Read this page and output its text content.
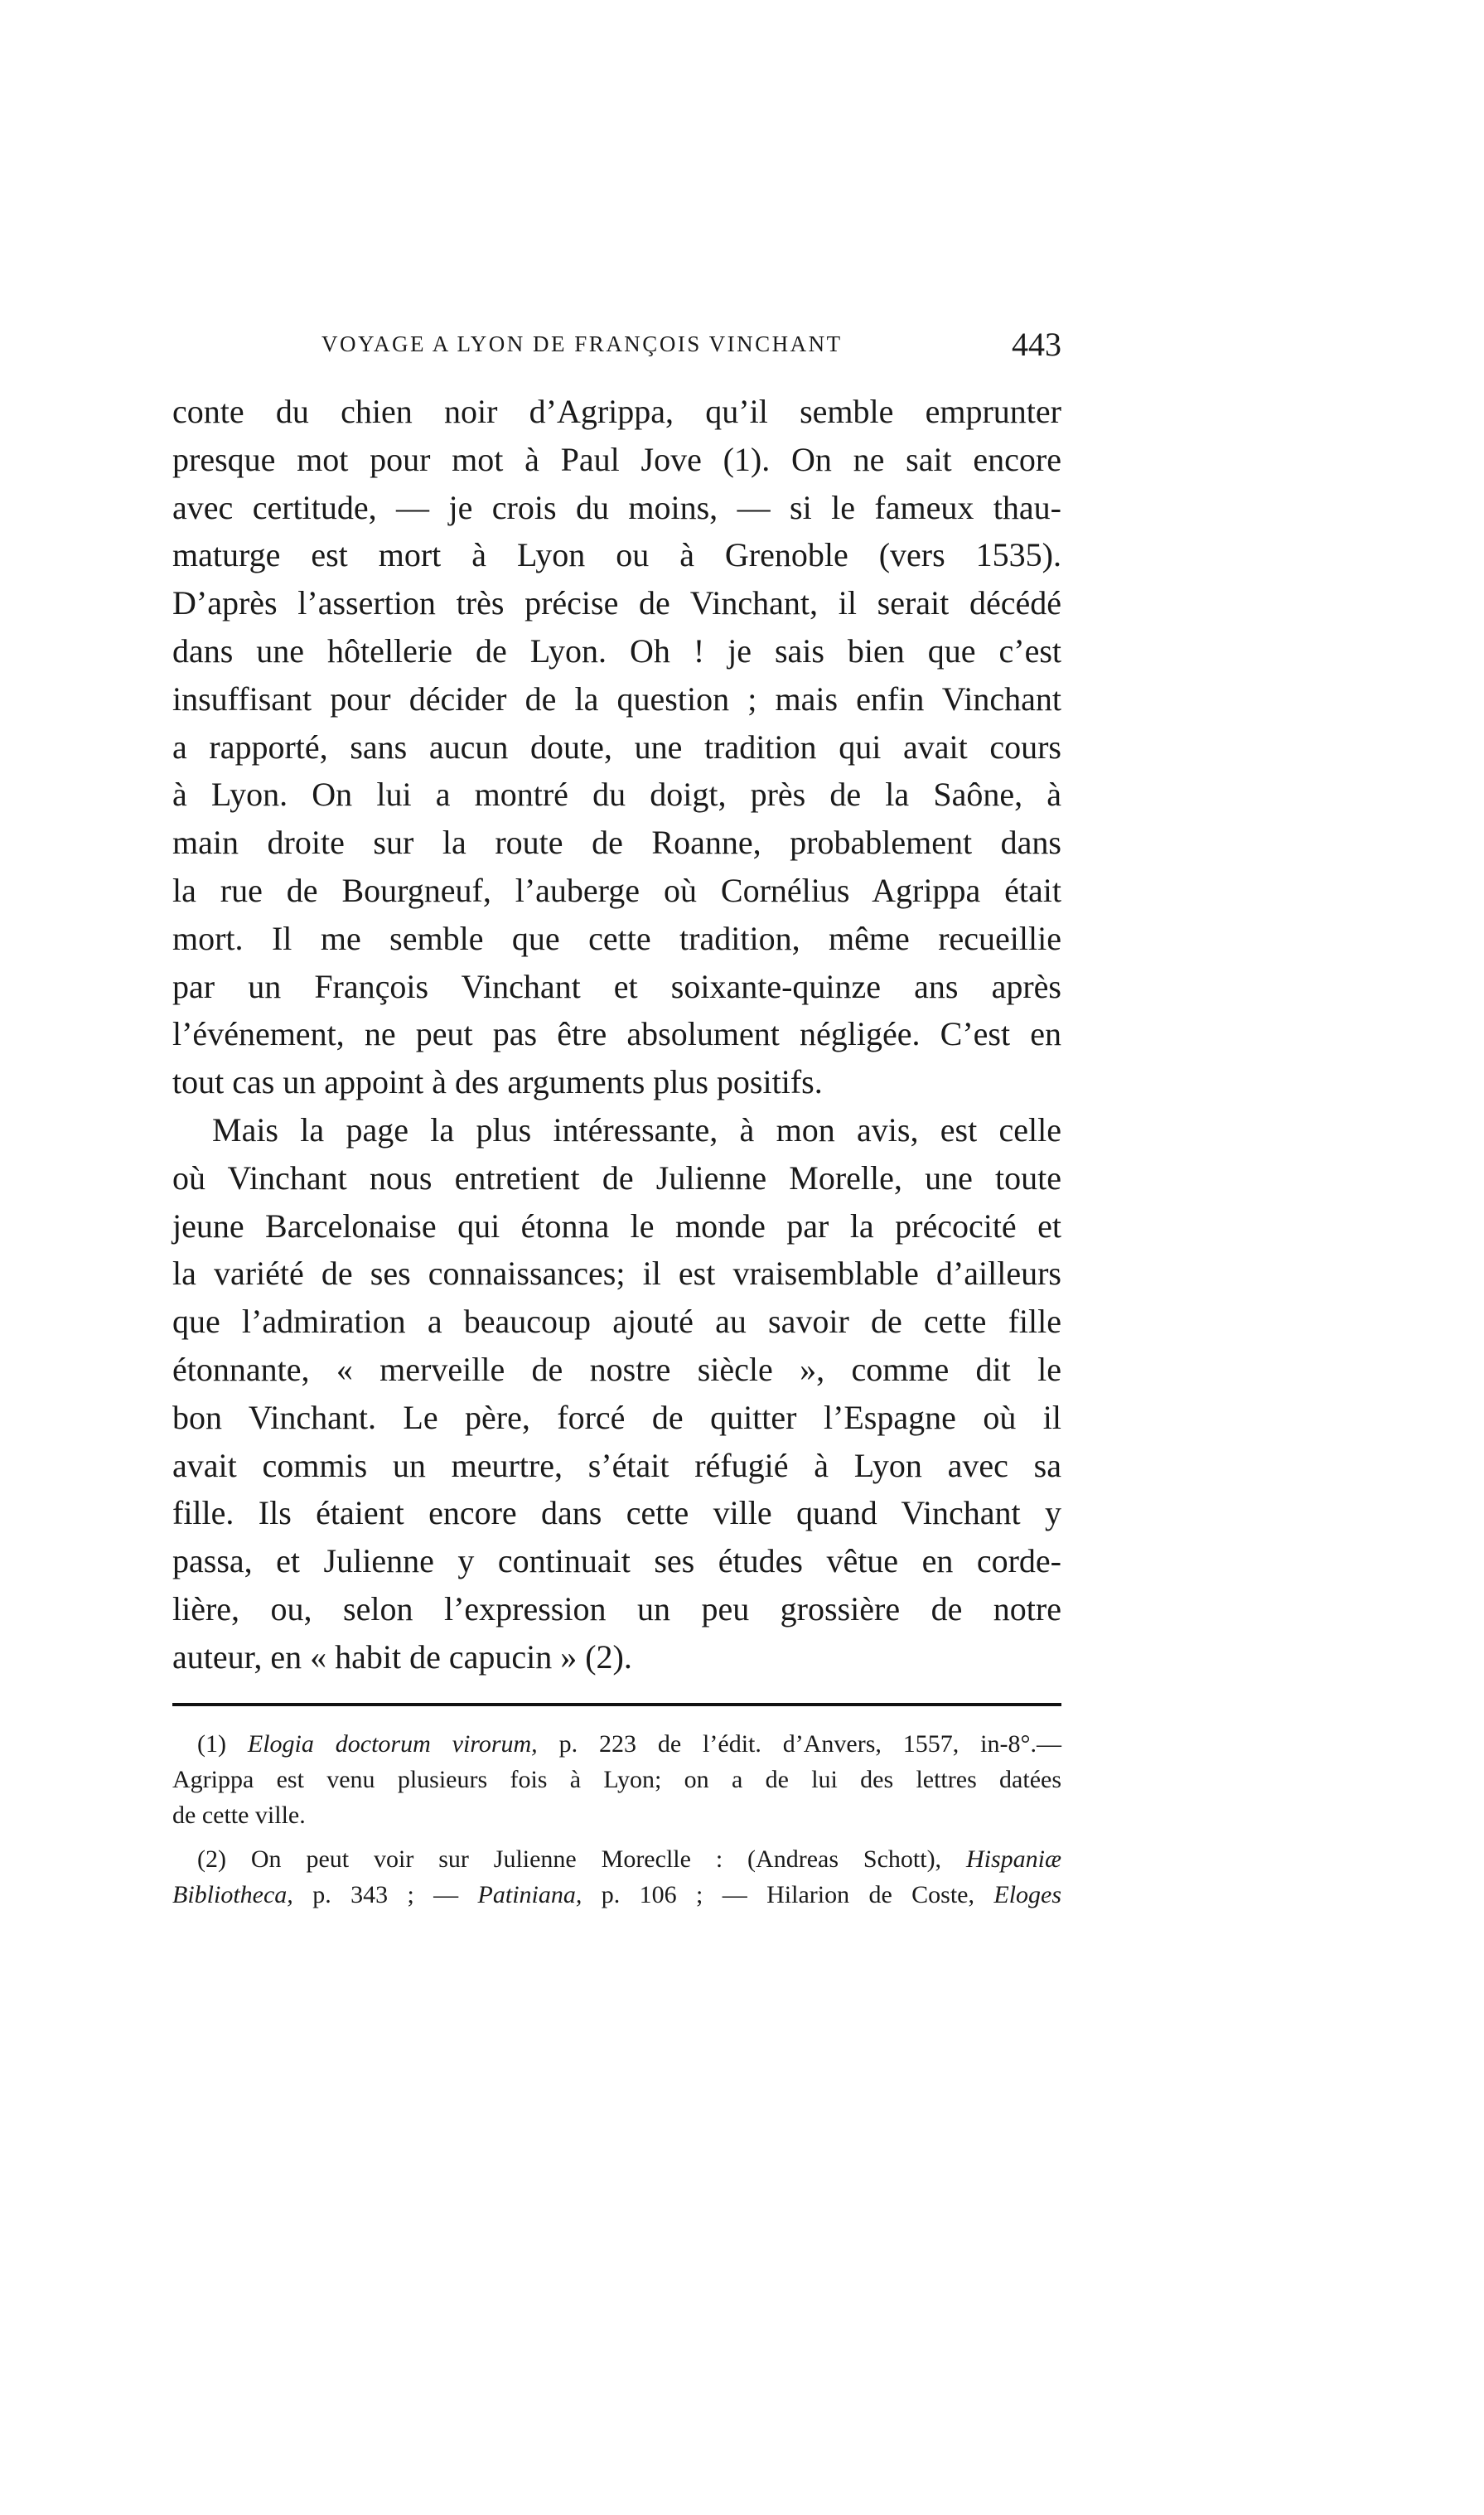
VOYAGE A LYON DE FRANÇOIS VINCHANT	443
conte du chien noir d’Agrippa, qu’il semble emprunter
presque mot pour mot à Paul Jove (1). On ne sait encore
avec certitude, — je crois du moins, — si le fameux thau-
maturge est mort à Lyon ou à Grenoble (vers 1535).
D’après l’assertion très précise de Vinchant, il serait décédé
dans une hôtellerie de Lyon. Oh ! je sais bien que c’est
insuffisant pour décider de la question ; mais enfin Vinchant
a rapporté, sans aucun doute, une tradition qui avait cours
à Lyon. On lui a montré du doigt, près de la Saône, à
main droite sur la route de Roanne, probablement dans
la rue de Bourgneuf, l’auberge où Cornélius Agrippa était
mort. Il me semble que cette tradition, même recueillie
par un François Vinchant et soixante-quinze ans après
l’événement, ne peut pas être absolument négligée. C’est en
tout cas un appoint à des arguments plus positifs.
Mais la page la plus intéressante, à mon avis, est celle
où Vinchant nous entretient de Julienne Morelle, une toute
jeune Barcelonaise qui étonna le monde par la précocité et
la variété de ses connaissances; il est vraisemblable d’ailleurs
que l’admiration a beaucoup ajouté au savoir de cette fille
étonnante, « merveille de nostre siècle », comme dit le
bon Vinchant. Le père, forcé de quitter l’Espagne où il
avait commis un meurtre, s’était réfugié à Lyon avec sa
fille. Ils étaient encore dans cette ville quand Vinchant y
passa, et Julienne y continuait ses études vêtue en corde-
lière, ou, selon l’expression un peu grossière de notre
auteur, en « habit de capucin » (2).
(1) Elogia doctorum virorum, p. 223 de l’édit. d’Anvers, 1557, in-8°.—
Agrippa est venu plusieurs fois à Lyon; on a de lui des lettres datées
de cette ville.
(2) On peut voir sur Julienne Moreclle : (Andreas Schott), Hispaniæ
Bibliotheca, p. 343 ; — Patiniana, p. 106 ; — Hilarion de Coste, Eloges
